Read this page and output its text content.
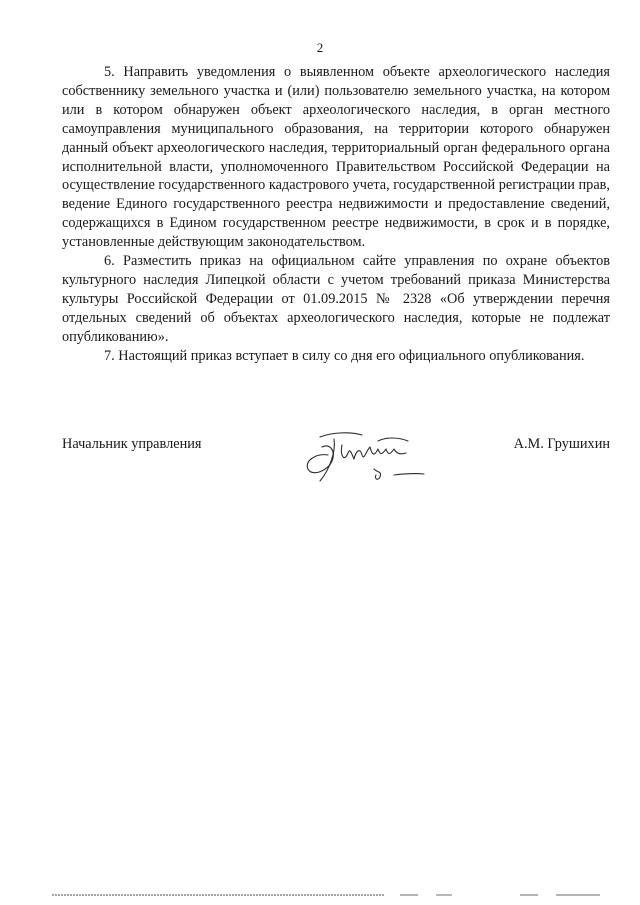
2

5. Направить уведомления о выявленном объекте археологического наследия собственнику земельного участка и (или) пользователю земельного участка, на котором или в котором обнаружен объект археологического наследия, в орган местного самоуправления муниципального образования, на территории которого обнаружен данный объект археологического наследия, территориальный орган федерального органа исполнительной власти, уполномоченного Правительством Российской Федерации на осуществление государственного кадастрового учета, государственной регистрации прав, ведение Единого государственного реестра недвижимости и предоставление сведений, содержащихся в Едином государственном реестре недвижимости, в срок и в порядке, установленные действующим законодательством.

6. Разместить приказ на официальном сайте управления по охране объектов культурного наследия Липецкой области с учетом требований приказа Министерства культуры Российской Федерации от 01.09.2015 № 2328 «Об утверждении перечня отдельных сведений об объектах археологического наследия, которые не подлежат опубликованию».

7. Настоящий приказ вступает в силу со дня его официального опубликования.

Начальник управления	А.М. Грушихин
